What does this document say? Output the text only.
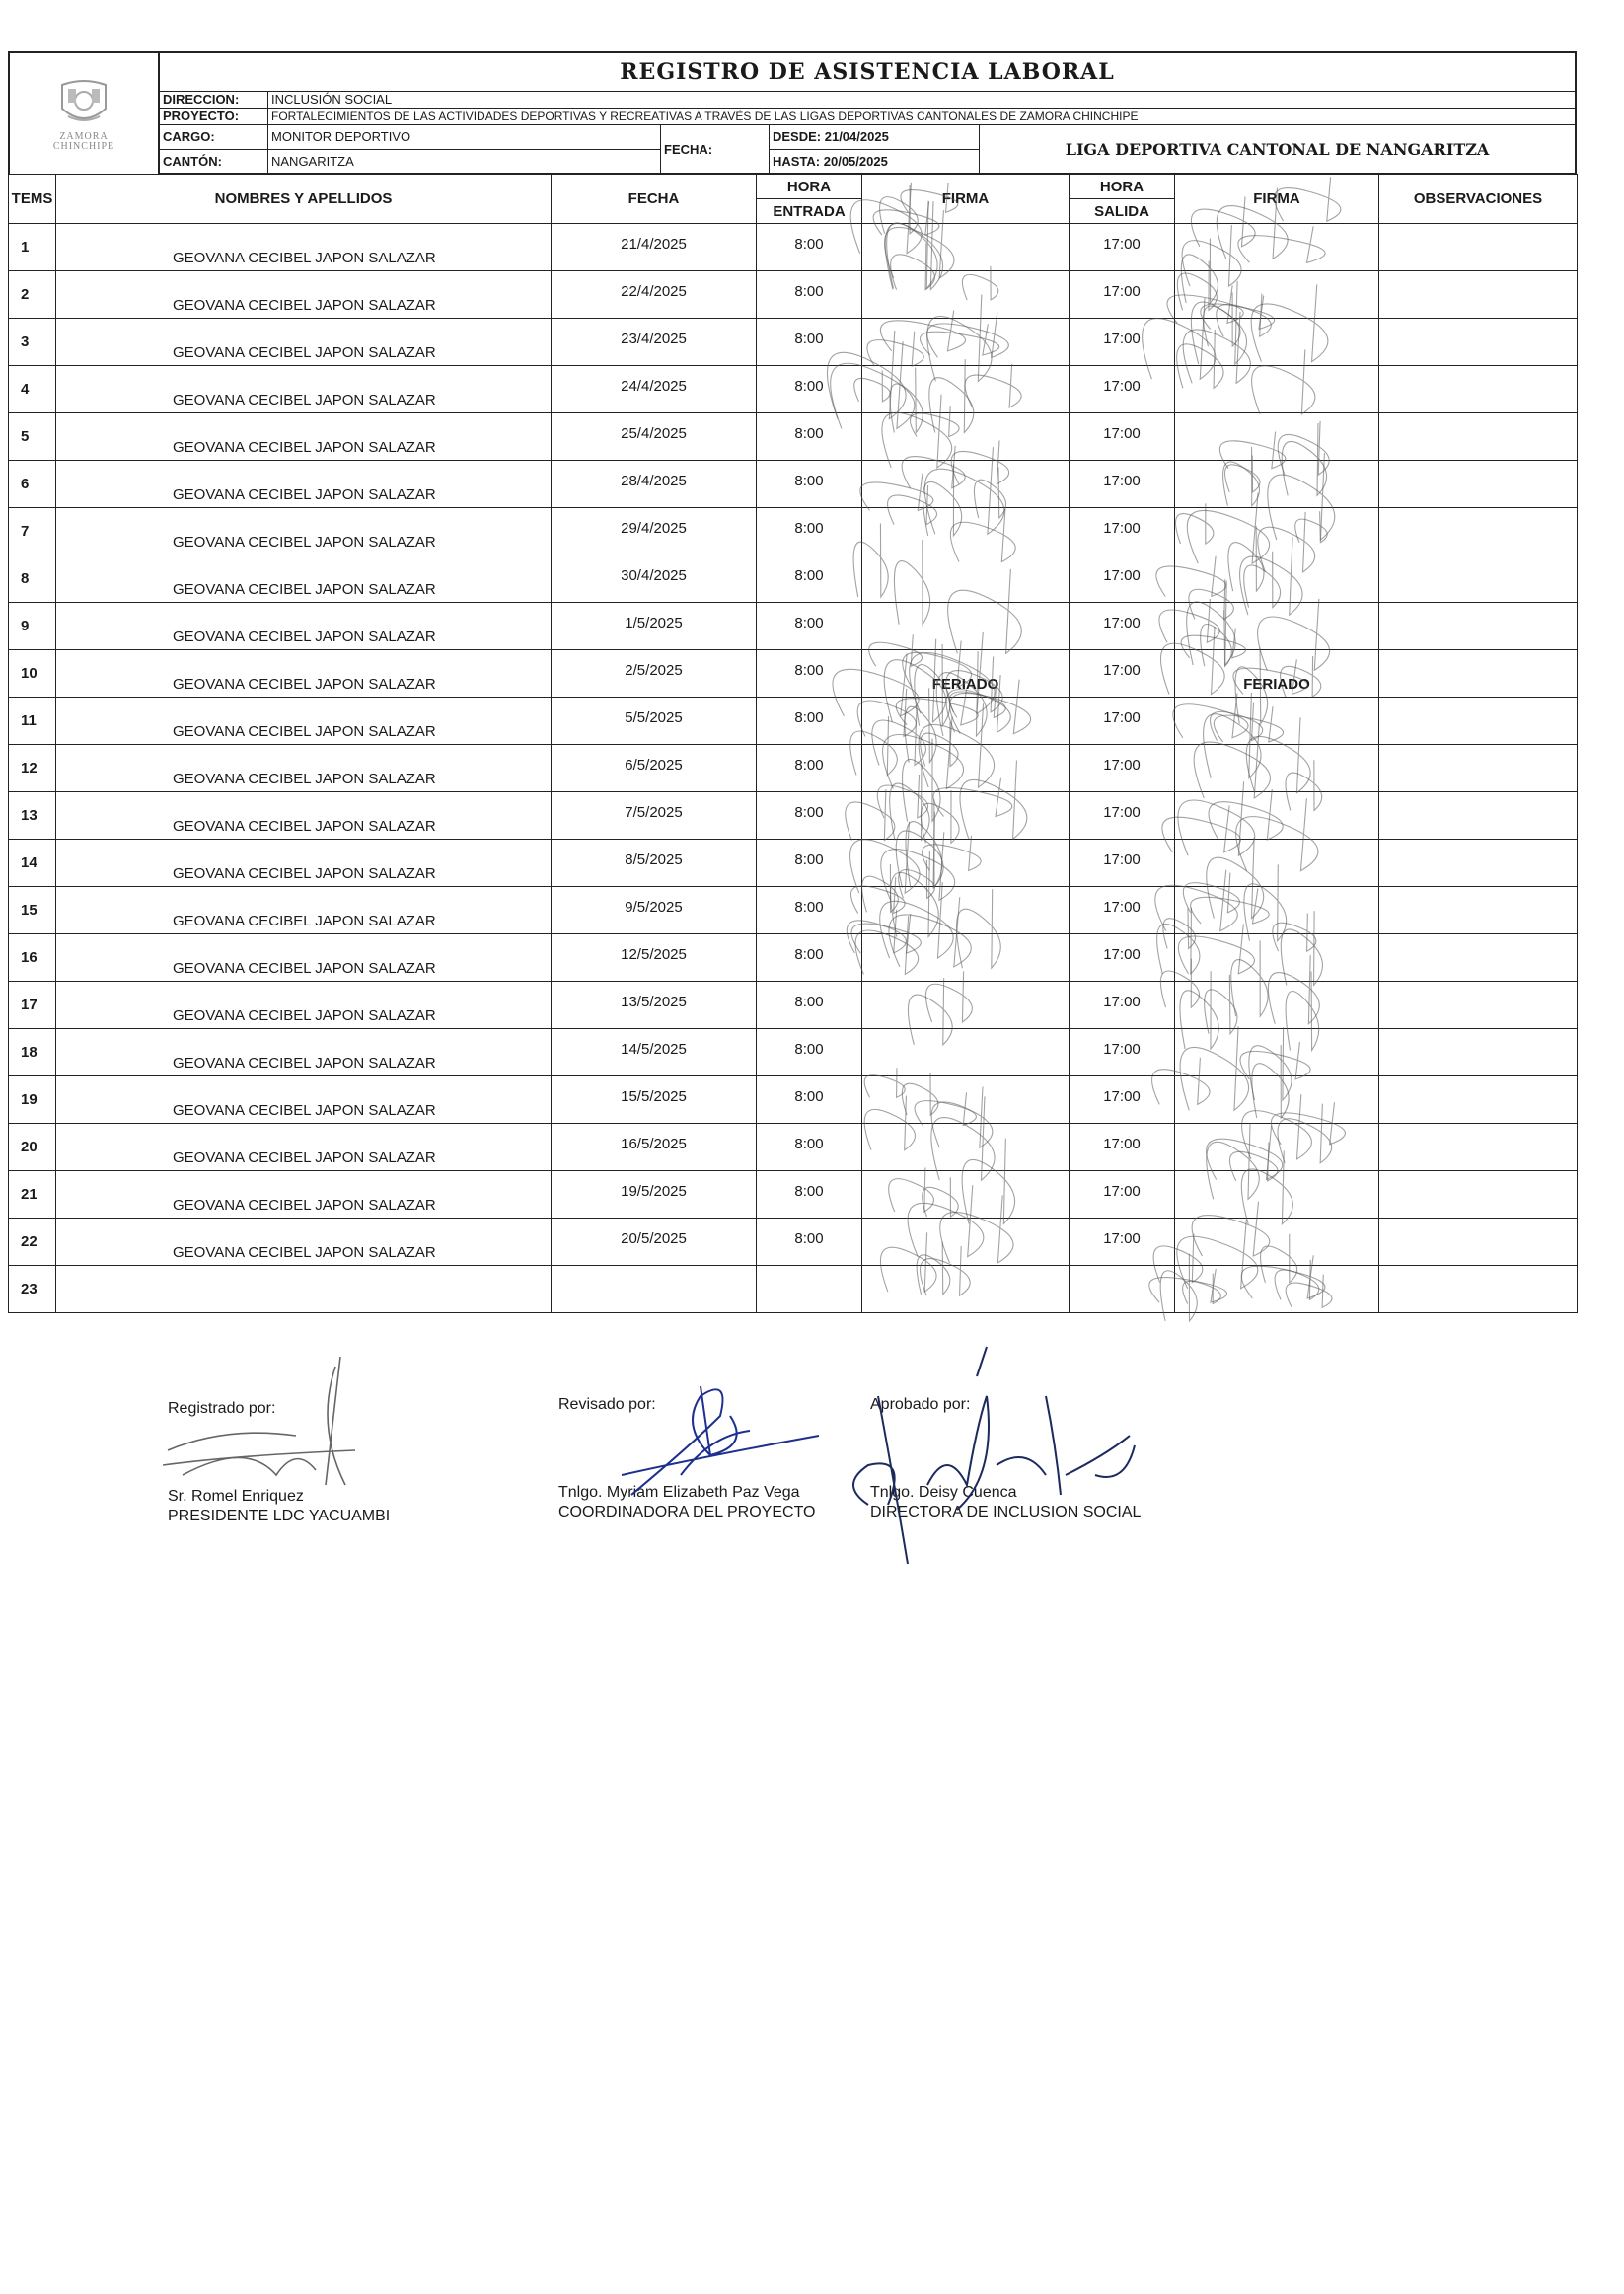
ZAMORA
CHINCHIPE
REGISTRO DE ASISTENCIA LABORAL
DIRECCION:	INCLUSIÓN SOCIAL
PROYECTO:	FORTALECIMIENTOS DE LAS ACTIVIDADES DEPORTIVAS Y RECREATIVAS A TRAVÉS DE LAS LIGAS DEPORTIVAS CANTONALES DE ZAMORA CHINCHIPE
CARGO:	MONITOR DEPORTIVO
CANTÓN:	NANGARITZA
FECHA:
DESDE: 21/04/2025
HASTA: 20/05/2025
LIGA DEPORTIVA CANTONAL DE NANGARITZA
TEMS	NOMBRES Y APELLIDOS	FECHA	HORA	FIRMA	HORA	FIRMA	OBSERVACIONES
			ENTRADA		SALIDA		
1	GEOVANA CECIBEL JAPON SALAZAR	21/4/2025	8:00		17:00		
2	GEOVANA CECIBEL JAPON SALAZAR	22/4/2025	8:00		17:00		
3	GEOVANA CECIBEL JAPON SALAZAR	23/4/2025	8:00		17:00		
4	GEOVANA CECIBEL JAPON SALAZAR	24/4/2025	8:00		17:00		
5	GEOVANA CECIBEL JAPON SALAZAR	25/4/2025	8:00		17:00		
6	GEOVANA CECIBEL JAPON SALAZAR	28/4/2025	8:00		17:00		
7	GEOVANA CECIBEL JAPON SALAZAR	29/4/2025	8:00		17:00		
8	GEOVANA CECIBEL JAPON SALAZAR	30/4/2025	8:00		17:00		
9	GEOVANA CECIBEL JAPON SALAZAR	1/5/2025	8:00		17:00		
10	GEOVANA CECIBEL JAPON SALAZAR	2/5/2025	8:00	FERIADO	17:00	FERIADO	

11	GEOVANA CECIBEL JAPON SALAZAR	5/5/2025	8:00		17:00		
12	GEOVANA CECIBEL JAPON SALAZAR	6/5/2025	8:00		17:00		
13	GEOVANA CECIBEL JAPON SALAZAR	7/5/2025	8:00		17:00		
14	GEOVANA CECIBEL JAPON SALAZAR	8/5/2025	8:00		17:00		
15	GEOVANA CECIBEL JAPON SALAZAR	9/5/2025	8:00		17:00		
16	GEOVANA CECIBEL JAPON SALAZAR	12/5/2025	8:00		17:00		
17	GEOVANA CECIBEL JAPON SALAZAR	13/5/2025	8:00		17:00		
18	GEOVANA CECIBEL JAPON SALAZAR	14/5/2025	8:00		17:00		
19	GEOVANA CECIBEL JAPON SALAZAR	15/5/2025	8:00		17:00		
20	GEOVANA CECIBEL JAPON SALAZAR	16/5/2025	8:00		17:00		
21	GEOVANA CECIBEL JAPON SALAZAR	19/5/2025	8:00		17:00		
22	GEOVANA CECIBEL JAPON SALAZAR	20/5/2025	8:00		17:00		
23							
Registrado por:
Sr. Romel Enriquez
PRESIDENTE LDC YACUAMBI
Revisado por:
Tnlgo. Myriam Elizabeth Paz Vega
COORDINADORA DEL PROYECTO
Aprobado por:
Tnlgo. Deisy Cuenca
DIRECTORA DE INCLUSION SOCIAL
